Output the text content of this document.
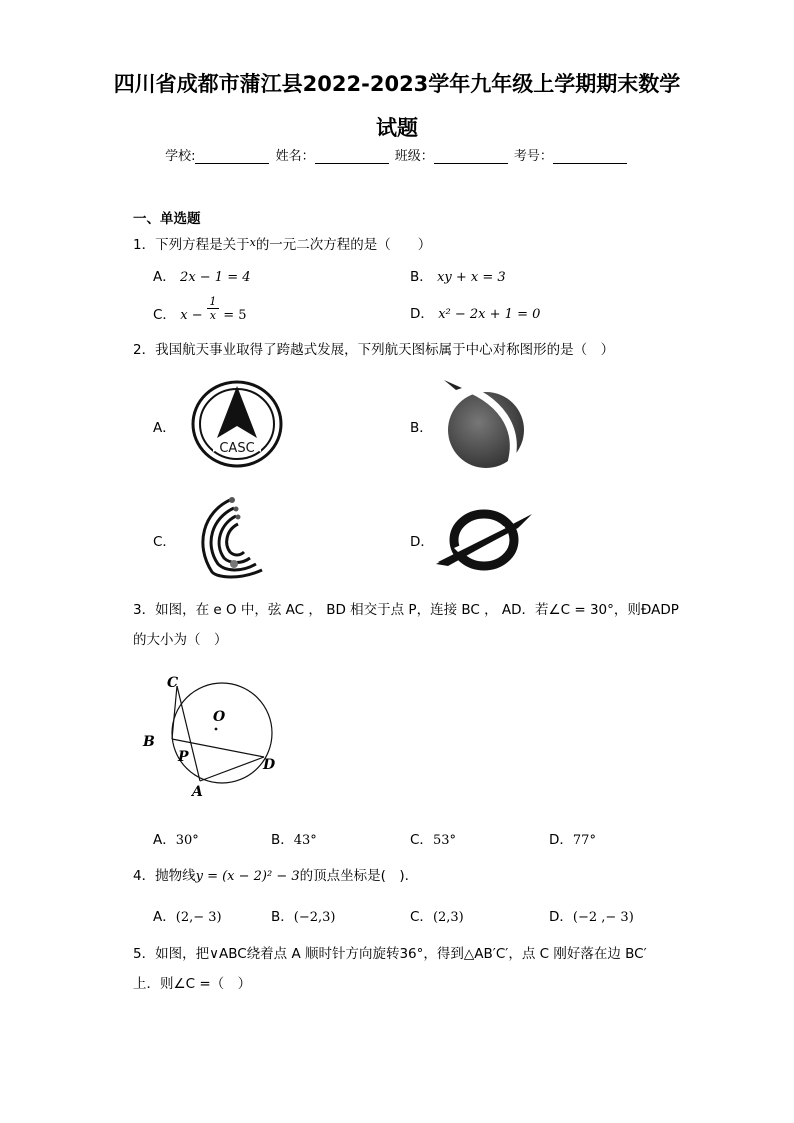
四川省成都市蒲江县2022-2023学年九年级上学期期末数学
试题
学校:	姓名：	班级：	考号：
一、单选题
1．下列方程是关于$^x$的一元二次方程的是（　　）
A． 2x − 1 = 4	B． xy + x = 3
C． $x - \frac{1}{x} = 5$	D． x² − 2x + 1 = 0
2．我国航天事业取得了跨越式发展，下列航天图标属于中心对称图形的是（　）
A．
CASC
B．
C．	D．
3．如图，在 e O 中，弦 AC ， BD 相交于点 P，连接 BC ， AD．若∠C = 30°，则ÐADP
的大小为（　）
C
O
B
P	D
A
A．30°	B．43°	C．53°	D．77°
4．抛物线y = (x − 2)² − 3的顶点坐标是(　).
A．(2,− 3)	B．(−2,3)	C．(2,3)	D．(−2 ,− 3)
5．如图，把∨ABC绕着点 A 顺时针方向旋转36°，得到△AB′C′，点 C 刚好落在边 BC′
上．则∠C =（　）
